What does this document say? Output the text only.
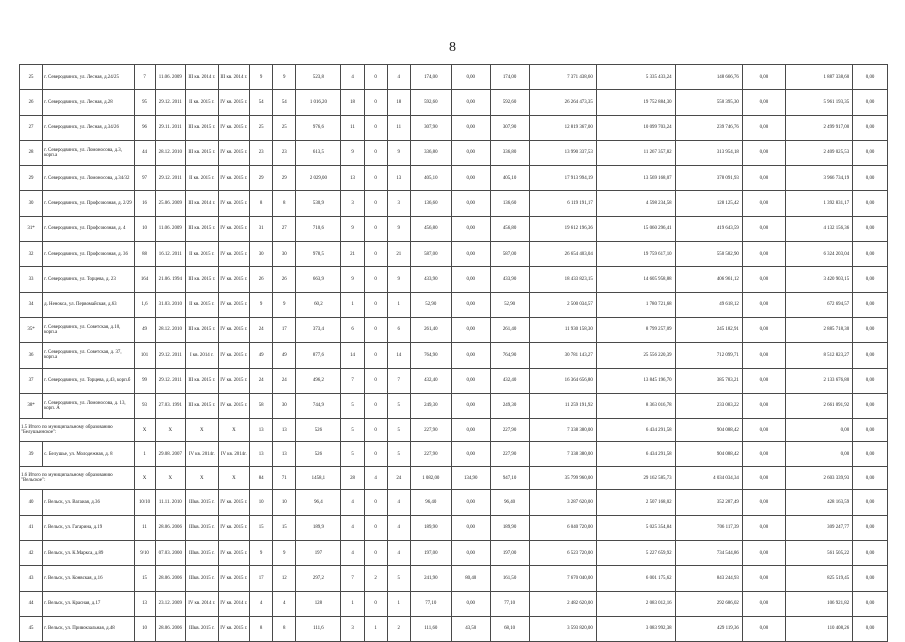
8
25	г. Северодвинск, ул. Лесная, д.24/25	7	11.06. 2009	III кв. 2014 г.	III кв. 2014 г.	9	9	523,8	4	0	4	174,00	0,00	174,00	7 371 438,60	5 335 433,24	148 666,76	0,00	1 887 338,60	0,00
26	г. Северодвинск, ул. Лесная, д.28	95	29.12. 2011	II кв. 2015 г.	IV кв. 2015 г.	54	54	1 016,20	18	0	18	592,60	0,00	592,60	26 264 473,35	19 752 884,30	550 395,30	0,00	5 961 193,35	0,00
27	г. Северодвинск, ул. Лесная, д.34/26	96	29.11. 2011	III кв. 2015 г.	IV кв. 2015 г.	25	25	976,6	11	0	11	307,90	0,00	307,90	12 819 367,00	10 099 703,24	239 746,76	0,00	2 499 917,00	0,00
28	г. Северодвинск, ул. Ломоносова, д.3, корп.а	44	28.12. 2010	III кв. 2015 г.	IV кв. 2015 г.	23	23	613,5	9	0	9	336,80	0,00	336,80	13 990 337,53	11 267 357,82	313 954,18	0,00	2 409 025,53	0,00
29	г. Северодвинск, ул. Ломоносова, д.34/32	97	29.12. 2011	II кв. 2015 г.	IV кв. 2015 г.	29	29	2 029,00	13	0	13	405,10	0,00	405,10	17 913 994,19	13 569 168,07	378 091,93	0,00	3 966 734,19	0,00
30	г. Северодвинск, ул. Профсоюзная, д. 2/29	16	25.06. 2009	III кв. 2014 г.	IV кв. 2015 г.	8	8	530,9	3	0	3	136,60	0,00	136,60	6 119 191,17	4 598 234,58	128 125,42	0,00	1 392 831,17	0,00
31*	г. Северодвинск, ул. Профсоюзная, д. 4	10	11.06. 2009	III кв. 2015 г.	IV кв. 2015 г.	31	27	710,6	9	0	9	456,80	0,00	456,80	19 612 196,36	15 060 296,41	419 643,59	0,00	4 132 156,36	0,00
32	г. Северодвинск, ул. Профсоюзная, д. 36	88	16.12. 2011	II кв. 2015 г.	IV кв. 2015 г.	30	30	978,5	21	0	21	587,00	0,00	587,00	26 654 403,04	19 759 617,10	550 582,90	0,00	6 324 203,04	0,00
33	г. Северодвинск, ул. Торцева, д. 23	164	21.06. 1994	III кв. 2015 г.	IV кв. 2015 г.	26	26	663,9	9	0	9	433,90	0,00	433,90	18 433 823,15	14 605 958,88	406 961,12	0,00	3 420 903,15	0,00
34	д. Ненокса, ул. Первомайская, д.63	1,6	31.03. 2010	II кв. 2015 г.	IV кв. 2015 г.	9	9	60,2	1	0	1	52,90	0,00	52,90	2 500 034,57	1 780 721,68	49 618,12	0,00	672 694,57	0,00
35*	г. Северодвинск, ул. Советская, д.10, корп.а	49	28.12. 2010	III кв. 2015 г.	IV кв. 2015 г.	24	17	373,4	6	0	6	261,40	0,00	261,40	11 930 158,30	8 799 257,09	245 182,91	0,00	2 885 718,30	0,00
36	г. Северодвинск, ул. Советская, д. 37, корп.а	101	29.12. 2011	I кв. 2014 г.	IV кв. 2015 г.	49	49	877,6	14	0	14	764,90	0,00	764,90	30 781 143,27	25 556 220,39	712 099,71	0,00	8 512 823,27	0,00
37	г. Северодвинск, ул. Торцева, д.43, корп.б	99	29.12. 2011	III кв. 2015 г.	IV кв. 2015 г.	24	24	496,2	7	0	7	432,40	0,00	432,40	16 364 656,80	13 845 196,70	385 783,21	0,00	2 133 676,80	0,00
38*	г. Северодвинск, ул. Ломоносова, д. 13, корп. А	93	27.03. 1991	III кв. 2015 г.	IV кв. 2015 г.	58	30	744,9	5	0	5	249,30	0,00	249,30	11 259 191,92	8 363 016,78	233 083,22	0,00	2 661 091,92	0,00
1.5 Итого по муниципальному образованию "Белушьинское":		X	X	X	X	13	13	526	5	0	5	227,90	0,00	227,90	7 338 380,00	6 434 291,58	904 088,42	0,00	0,00	0,00
39	с. Белушье, ул. Молодежная, д. 8	1	29.08. 2007	IV кв. 2014г.	IV кв. 2014г.	13	13	526	5	0	5	227,90	0,00	227,90	7 338 380,00	6 434 291,58	904 088,42	0,00	0,00	0,00
1.6 Итого по муниципальному образованию "Вельское":		X	X	X	X	84	71	1458,1	28	4	24	1 082,00	134,90	947,10	35 799 960,00	29 162 585,73	4 034 034,34	0,00	2 603 339,93	0,00
40	г. Вельск, ул. Вагаиая, д.36	10/10	11.11. 2010	IIIкв. 2015 г.	IV кв. 2015 г.	10	10	96,4	4	0	4	96,40	0,00	96,40	3 287 620,00	2 507 168,02	352 287,49	0,00	428 163,59	0,00
41	г. Вельск, ул. Гагарина, д.19	11	28.06. 2006	IIIкв. 2015 г.	IV кв. 2015 г.	15	15	189,9	4	0	4	189,90	0,00	189,90	6 040 720,00	5 025 354,84	706 117,39	0,00	309 247,77	0,00
42	г. Вельск, ул. К.Маркса, д.89	9/10	07.03. 2000	IIIкв. 2015 г.	IV кв. 2015 г.	9	9	197	4	0	4	197,00	0,00	197,00	6 523 720,00	5 227 659,92	734 544,86	0,00	561 505,22	0,00
43	г. Вельск, ул. Конвская, д.16	15	28.06. 2006	IIIкв. 2015 г.	IV кв. 2015 г.	17	12	297,2	7	2	5	241,90	80,40	161,50	7 670 040,00	6 001 175,62	843 244,93	0,00	825 519,45	0,00
44	г. Вельск, ул. Красная, д.17	13	23.12. 2009	IV кв. 2014 г.	IV кв. 2014 г.	4	4	128	1	0	1	77,10	0,00	77,10	2 482 620,00	2 083 012,16	292 686,02	0,00	106 921,82	0,00
45	г. Вельск, ул. Привокзальная, д.48	10	28.06. 2006	IIIкв. 2015 г.	IV кв. 2015 г.	8	8	111,6	3	1	2	111,60	43,50	68,10	3 593 820,00	3 083 992,38	429 119,36	0,00	110 408,26	0,00
